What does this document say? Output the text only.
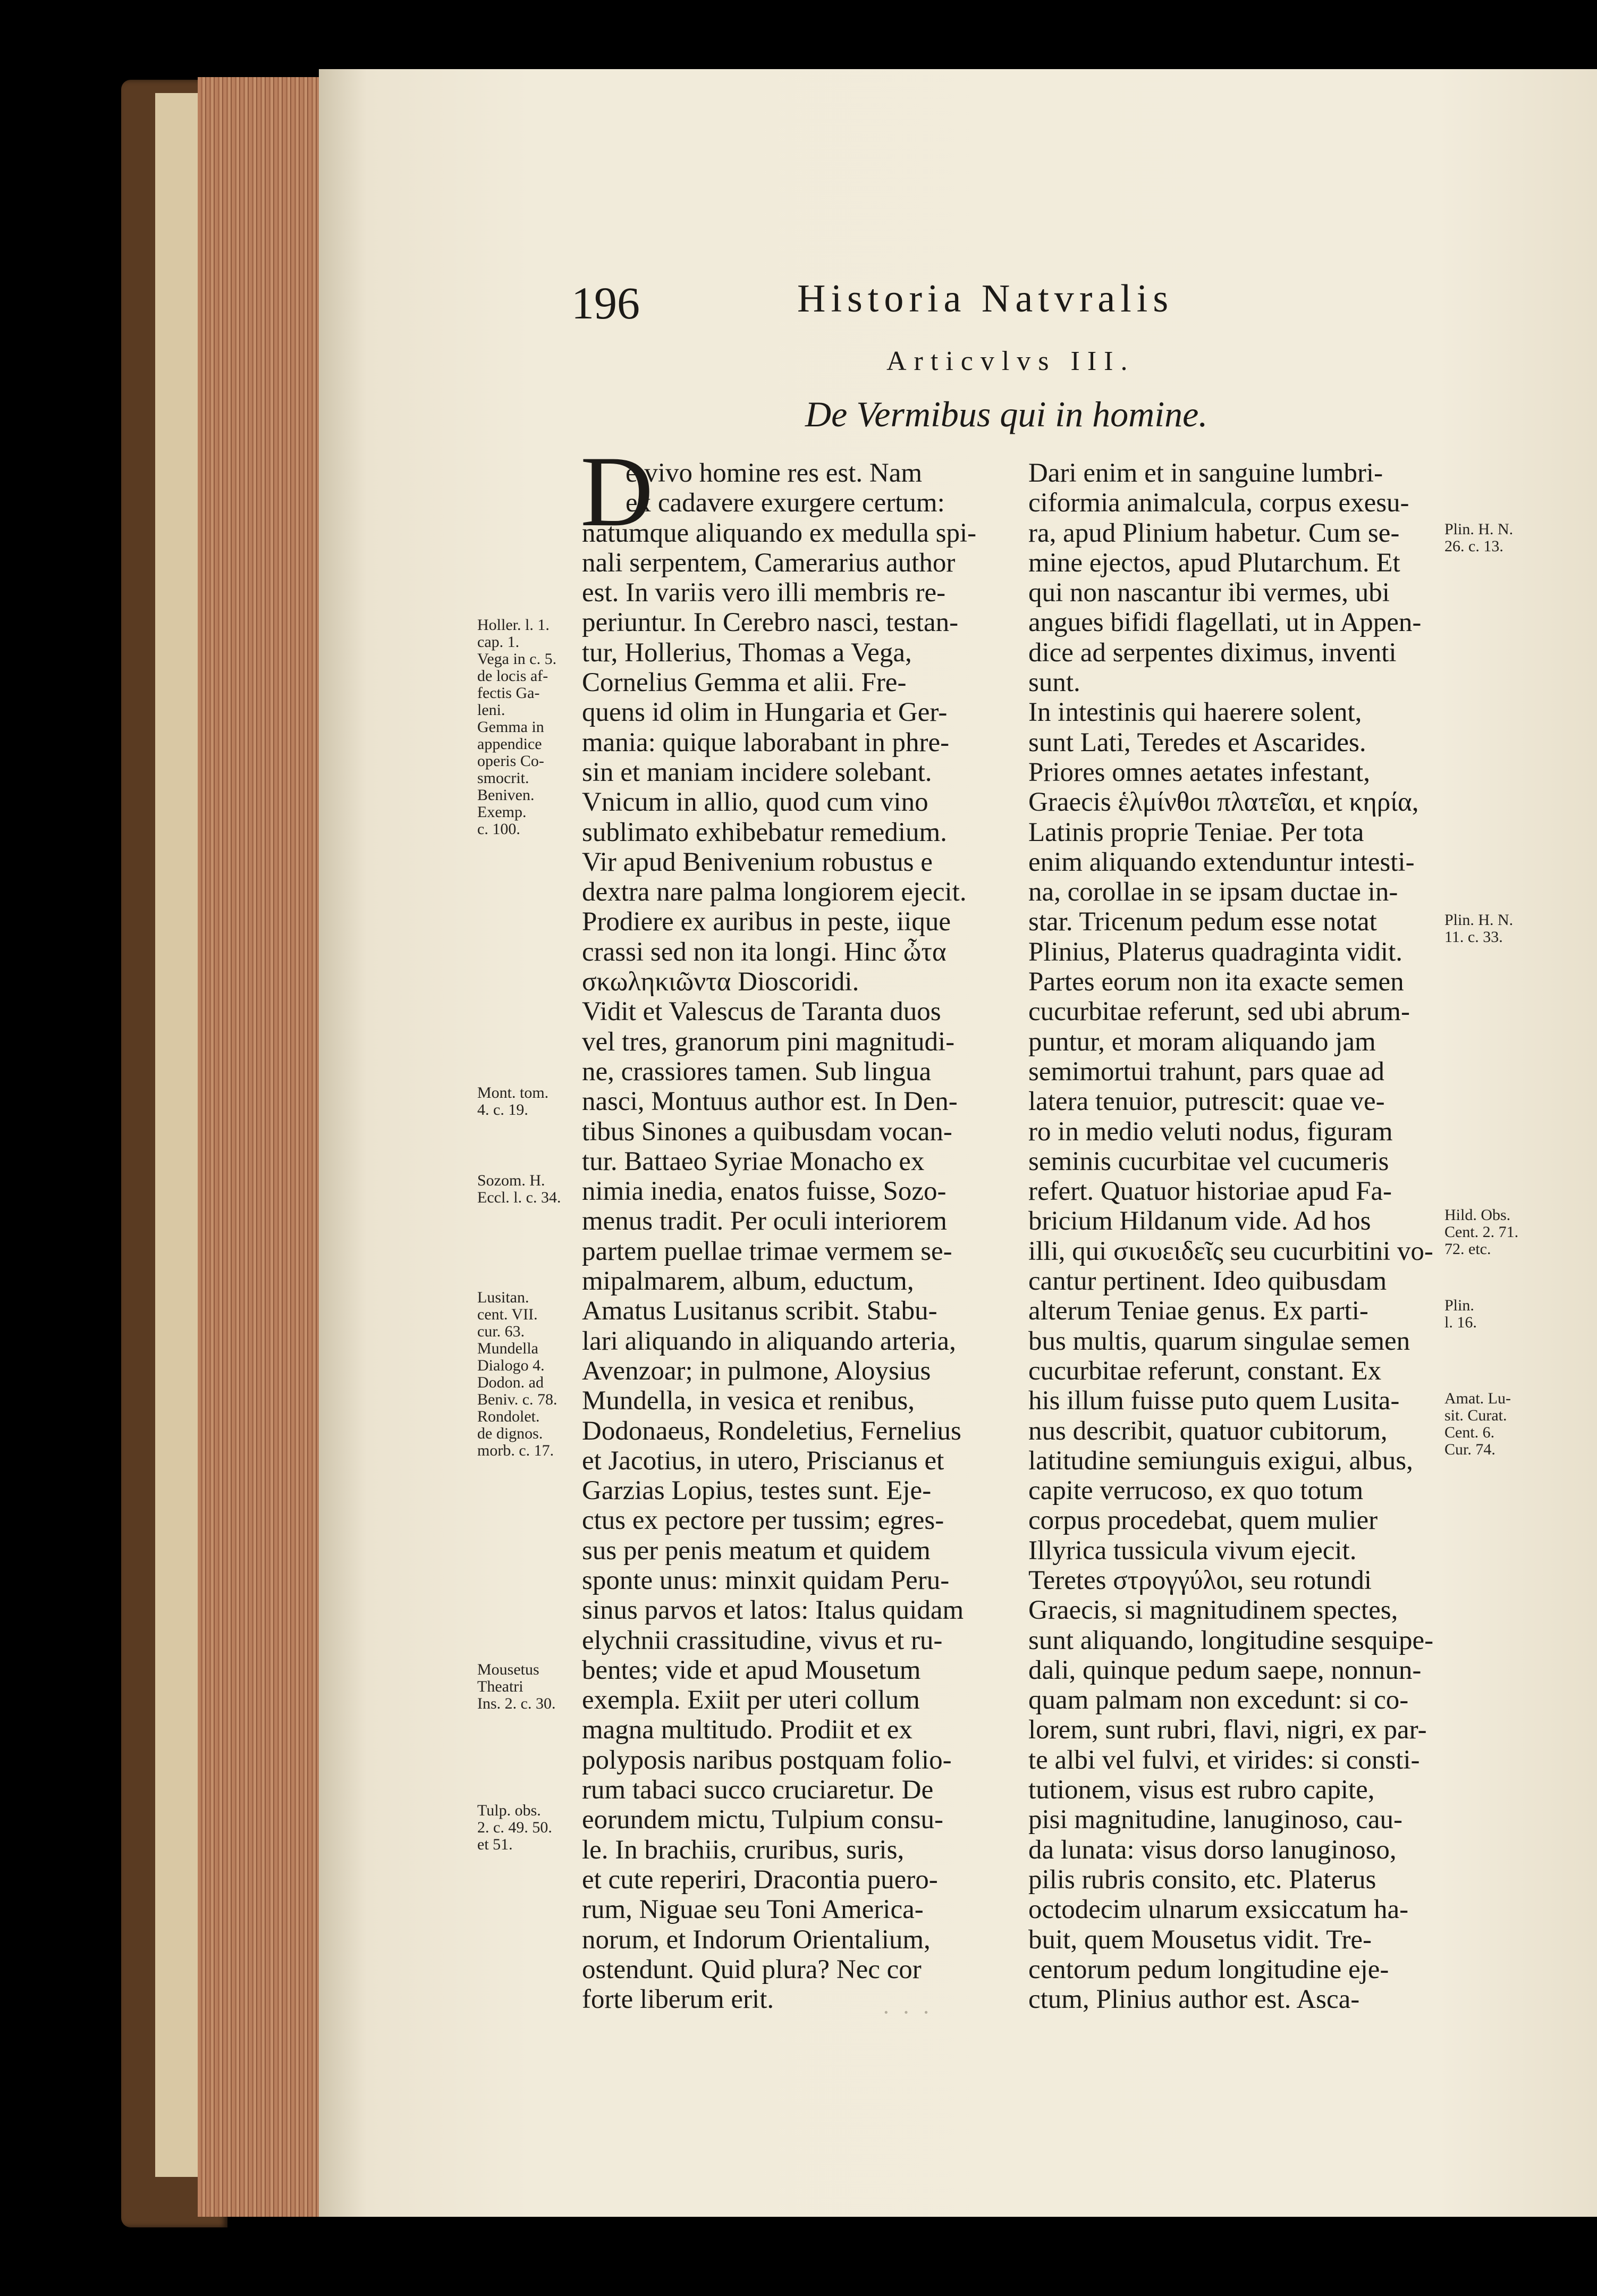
196	Historia Natvralis
Articvlvs III.
De Vermibus qui in homine.
D
e vivo homine res est. Nam
ex cadavere exurgere certum:
natumque aliquando ex medulla spi-
nali serpentem, Camerarius author
est. In variis vero illi membris re-
periuntur. In Cerebro nasci, testan-
tur, Hollerius, Thomas a Vega,
Cornelius Gemma et alii. Fre-
quens id olim in Hungaria et Ger-
mania: quique laborabant in phre-
sin et maniam incidere solebant.
Vnicum in allio, quod cum vino
sublimato exhibebatur remedium.
Vir apud Benivenium robustus e
dextra nare palma longiorem ejecit.
Prodiere ex auribus in peste, iique
crassi sed non ita longi. Hinc ὦτα
σκωληκιῶντα Dioscoridi.
Vidit et Valescus de Taranta duos
vel tres, granorum pini magnitudi-
ne, crassiores tamen. Sub lingua
nasci, Montuus author est. In Den-
tibus Sinones a quibusdam vocan-
tur. Battaeo Syriae Monacho ex
nimia inedia, enatos fuisse, Sozo-
menus tradit. Per oculi interiorem
partem puellae trimae vermem se-
mipalmarem, album, eductum,
Amatus Lusitanus scribit. Stabu-
lari aliquando in aliquando arteria,
Avenzoar; in pulmone, Aloysius
Mundella, in vesica et renibus,
Dodonaeus, Rondeletius, Fernelius
et Jacotius, in utero, Priscianus et
Garzias Lopius, testes sunt. Eje-
ctus ex pectore per tussim; egres-
sus per penis meatum et quidem
sponte unus: minxit quidam Peru-
sinus parvos et latos: Italus quidam
elychnii crassitudine, vivus et ru-
bentes; vide et apud Mousetum
exempla. Exiit per uteri collum
magna multitudo. Prodiit et ex
polyposis naribus postquam folio-
rum tabaci succo cruciaretur. De
eorundem mictu, Tulpium consu-
le. In brachiis, cruribus, suris,
et cute reperiri, Dracontia puero-
rum, Niguae seu Toni America-
norum, et Indorum Orientalium,
ostendunt. Quid plura? Nec cor
forte liberum erit.
Dari enim et in sanguine lumbri-
ciformia animalcula, corpus exesu-
ra, apud Plinium habetur. Cum se-
mine ejectos, apud Plutarchum. Et
qui non nascantur ibi vermes, ubi
angues bifidi flagellati, ut in Appen-
dice ad serpentes diximus, inventi
sunt.
In intestinis qui haerere solent,
sunt Lati, Teredes et Ascarides.
Priores omnes aetates infestant,
Graecis ἑλμίνθοι πλατεῖαι, et κηρία,
Latinis proprie Teniae. Per tota
enim aliquando extenduntur intesti-
na, corollae in se ipsam ductae in-
star. Tricenum pedum esse notat
Plinius, Platerus quadraginta vidit.
Partes eorum non ita exacte semen
cucurbitae referunt, sed ubi abrum-
puntur, et moram aliquando jam
semimortui trahunt, pars quae ad
latera tenuior, putrescit: quae ve-
ro in medio veluti nodus, figuram
seminis cucurbitae vel cucumeris
refert. Quatuor historiae apud Fa-
bricium Hildanum vide. Ad hos
illi, qui σικυειδεῖς seu cucurbitini vo-
cantur pertinent. Ideo quibusdam
alterum Teniae genus. Ex parti-
bus multis, quarum singulae semen
cucurbitae referunt, constant. Ex
his illum fuisse puto quem Lusita-
nus describit, quatuor cubitorum,
latitudine semiunguis exigui, albus,
capite verrucoso, ex quo totum
corpus procedebat, quem mulier
Illyrica tussicula vivum ejecit.
Teretes στρογγύλοι, seu rotundi
Graecis, si magnitudinem spectes,
sunt aliquando, longitudine sesquipe-
dali, quinque pedum saepe, nonnun-
quam palmam non excedunt: si co-
lorem, sunt rubri, flavi, nigri, ex par-
te albi vel fulvi, et virides: si consti-
tutionem, visus est rubro capite,
pisi magnitudine, lanuginoso, cau-
da lunata: visus dorso lanuginoso,
pilis rubris consito, etc. Platerus
octodecim ulnarum exsiccatum ha-
buit, quem Mousetus vidit. Tre-
centorum pedum longitudine eje-
ctum, Plinius author est. Asca-
Holler. l. 1.
cap. 1.
Vega in c. 5.
de locis af-
fectis Ga-
leni.
Gemma in
appendice
operis Co-
smocrit.
Beniven.
Exemp.
c. 100.
Mont. tom.
4. c. 19.
Sozom. H.
Eccl. l. c. 34.
Lusitan.
cent. VII.
cur. 63.
Mundella
Dialogo 4.
Dodon. ad
Beniv. c. 78.
Rondolet.
de dignos.
morb. c. 17.
Mousetus
Theatri
Ins. 2. c. 30.
Tulp. obs.
2. c. 49. 50.
et 51.
Plin. H. N.
26. c. 13.
Plin. H. N.
11. c. 33.
Hild. Obs.
Cent. 2. 71.
72. etc.
Plin.
l. 16.
Amat. Lu-
sit. Curat.
Cent. 6.
Cur. 74.
· · ·
